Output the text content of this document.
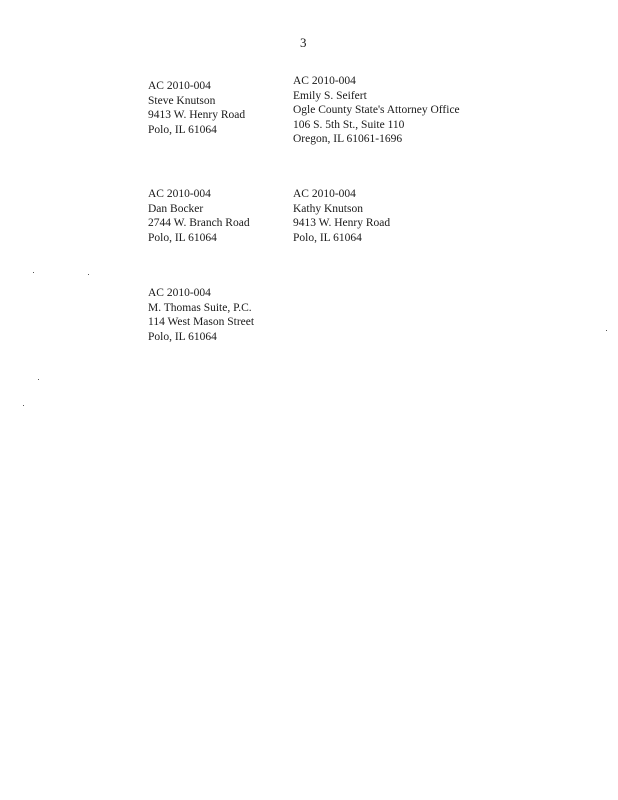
3
AC 2010-004
Steve Knutson
9413 W. Henry Road
Polo, IL 61064
AC 2010-004
Emily S. Seifert
Ogle County State's Attorney Office
106 S. 5th St., Suite 110
Oregon, IL 61061-1696
AC 2010-004
Dan Bocker
2744 W. Branch Road
Polo, IL 61064
AC 2010-004
Kathy Knutson
9413 W. Henry Road
Polo, IL 61064
AC 2010-004
M. Thomas Suite, P.C.
114 West Mason Street
Polo, IL 61064
